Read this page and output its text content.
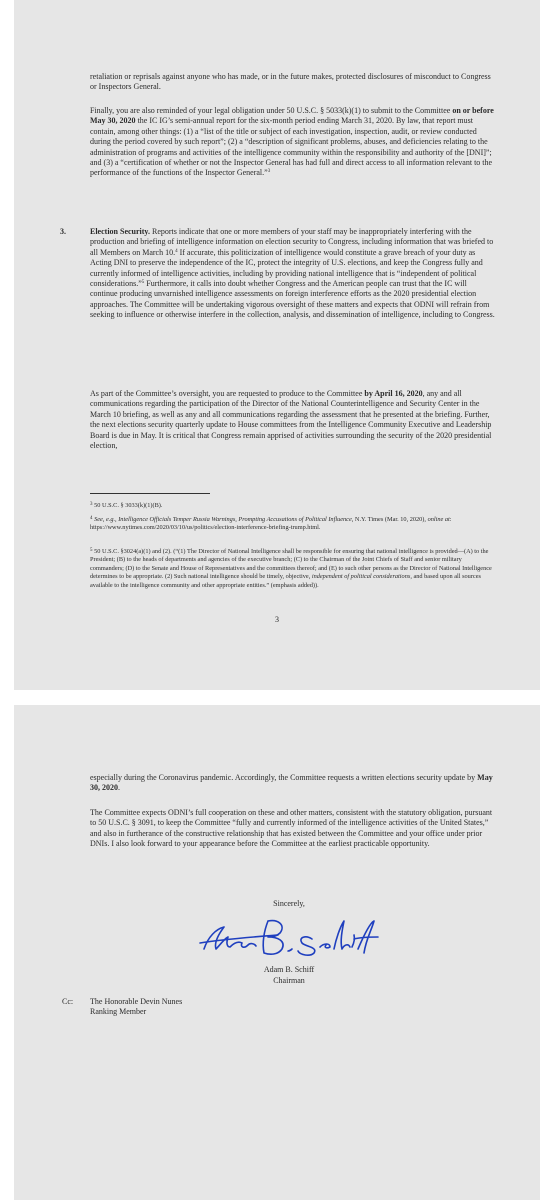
retaliation or reprisals against anyone who has made, or in the future makes, protected disclosures of misconduct to Congress or Inspectors General.

Finally, you are also reminded of your legal obligation under 50 U.S.C. § 5033(k)(1) to submit to the Committee on or before May 30, 2020 the IC IG’s semi-annual report for the six-month period ending March 31, 2020. By law, that report must contain, among other things: (1) a “list of the title or subject of each investigation, inspection, audit, or review conducted during the period covered by such report”; (2) a “description of significant problems, abuses, and deficiencies relating to the administration of programs and activities of the intelligence community within the responsibility and authority of the [DNI]”; and (3) a “certification of whether or not the Inspector General has had full and direct access to all information relevant to the performance of the functions of the Inspector General.”$^3$

3.	Election Security. Reports indicate that one or more members of your staff may be inappropriately interfering with the production and briefing of intelligence information on election security to Congress, including information that was briefed to all Members on March 10.$^4$ If accurate, this politicization of intelligence would constitute a grave breach of your duty as Acting DNI to preserve the independence of the IC, protect the integrity of U.S. elections, and keep the Congress fully and currently informed of intelligence activities, including by providing national intelligence that is “independent of political considerations.”$^5$ Furthermore, it calls into doubt whether Congress and the American people can trust that the IC will continue producing unvarnished intelligence assessments on foreign interference efforts as the 2020 presidential election approaches. The Committee will be undertaking vigorous oversight of these matters and expects that ODNI will refrain from seeking to influence or otherwise interfere in the collection, analysis, and dissemination of intelligence, including to Congress.

As part of the Committee’s oversight, you are requested to produce to the Committee by April 16, 2020, any and all communications regarding the participation of the Director of the National Counterintelligence and Security Center in the March 10 briefing, as well as any and all communications regarding the assessment that he presented at the briefing. Further, the next elections security quarterly update to House committees from the Intelligence Community Executive and Leadership Board is due in May. It is critical that Congress remain apprised of activities surrounding the security of the 2020 presidential election,

$^3$ 50 U.S.C. § 3033(k)(1)(B).

$^4$ See, e.g., Intelligence Officials Temper Russia Warnings, Prompting Accusations of Political Influence, N.Y. Times (Mar. 10, 2020), online at: https://www.nytimes.com/2020/03/10/us/politics/election-interference-briefing-trump.html.

$^5$ 50 U.S.C. §3024(a)(1) and (2). (“(1) The Director of National Intelligence shall be responsible for ensuring that national intelligence is provided—(A) to the President; (B) to the heads of departments and agencies of the executive branch; (C) to the Chairman of the Joint Chiefs of Staff and senior military commanders; (D) to the Senate and House of Representatives and the committees thereof; and (E) to such other persons as the Director of National Intelligence determines to be appropriate. (2) Such national intelligence should be timely, objective, independent of political considerations, and based upon all sources available to the intelligence community and other appropriate entities.” (emphasis added)).

3

especially during the Coronavirus pandemic. Accordingly, the Committee requests a written elections security update by May 30, 2020.

The Committee expects ODNI’s full cooperation on these and other matters, consistent with the statutory obligation, pursuant to 50 U.S.C. § 3091, to keep the Committee “fully and currently informed of the intelligence activities of the United States,” and also in furtherance of the constructive relationship that has existed between the Committee and your office under prior DNIs. I also look forward to your appearance before the Committee at the earliest practicable opportunity.

Sincerely,
Adam B. Schiff
Chairman
Cc: The Honorable Devin Nunes
Ranking Member
